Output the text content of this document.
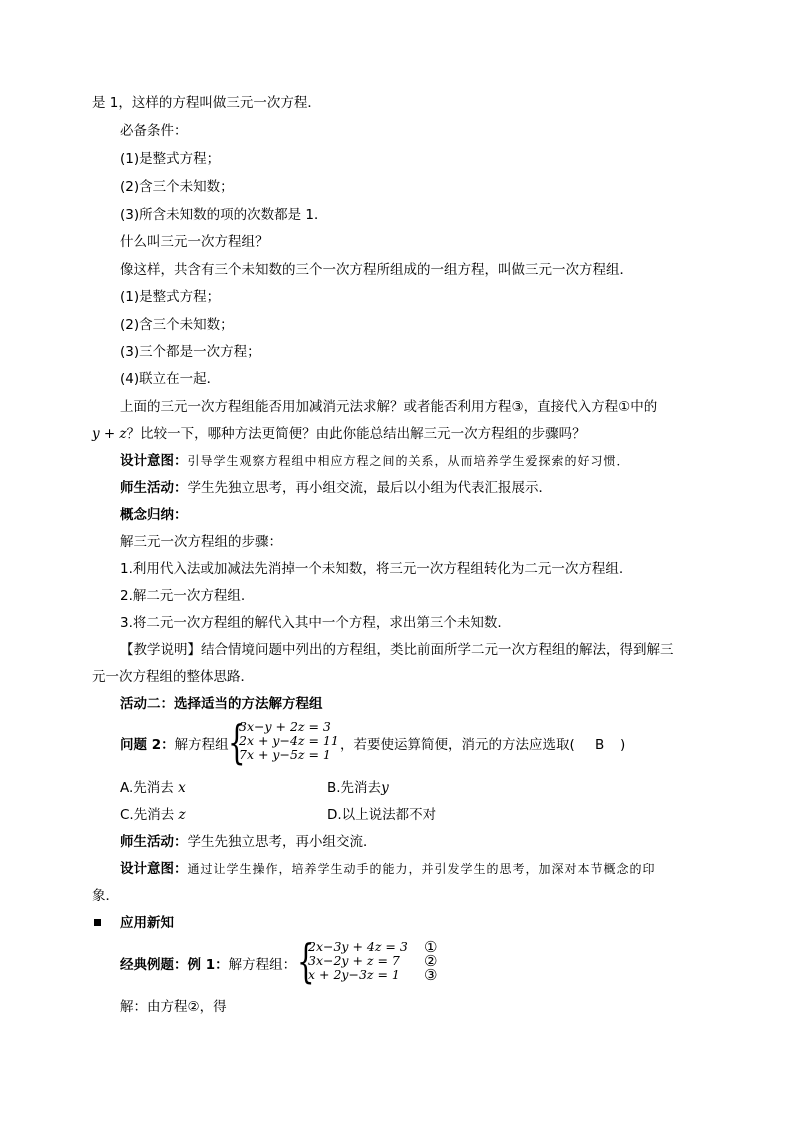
是 1，这样的方程叫做三元一次方程．
必备条件：
(1)是整式方程；
(2)含三个未知数；
(3)所含未知数的项的次数都是 1．
什么叫三元一次方程组？
像这样，共含有三个未知数的三个一次方程所组成的一组方程，叫做三元一次方程组．
(1)是整式方程；
(2)含三个未知数；
(3)三个都是一次方程；
(4)联立在一起．
上面的三元一次方程组能否用加减消元法求解？或者能否利用方程③，直接代入方程①中的
y + z？比较一下，哪种方法更简便？由此你能总结出解三元一次方程组的步骤吗？
设计意图：引导学生观察方程组中相应方程之间的关系，从而培养学生爱探索的好习惯．
师生活动：学生先独立思考，再小组交流，最后以小组为代表汇报展示．
概念归纳：
解三元一次方程组的步骤：
1.利用代入法或加减法先消掉一个未知数，将三元一次方程组转化为二元一次方程组.
2.解二元一次方程组.
3.将二元一次方程组的解代入其中一个方程，求出第三个未知数.
【教学说明】结合情境问题中列出的方程组，类比前面所学二元一次方程组的解法，得到解三
元一次方程组的整体思路．
活动二：选择适当的方法解方程组
问题 2：解方程组 {
3x−y + 2z = 3
2x + y−4z = 11
7x + y−5z = 1
，若要使运算简便，消元的方法应选取( B )
A.先消去 x	B.先消去y
C.先消去 z	D.以上说法都不对
师生活动：学生先独立思考，再小组交流．
设计意图：通过让学生操作，培养学生动手的能力，并引发学生的思考，加深对本节概念的印
象．
应用新知
经典例题：例 1：解方程组： {
2x−3y + 4z = 3
3x−2y + z = 7
x + 2y−3z = 1
①
②
③
解：由方程②，得
